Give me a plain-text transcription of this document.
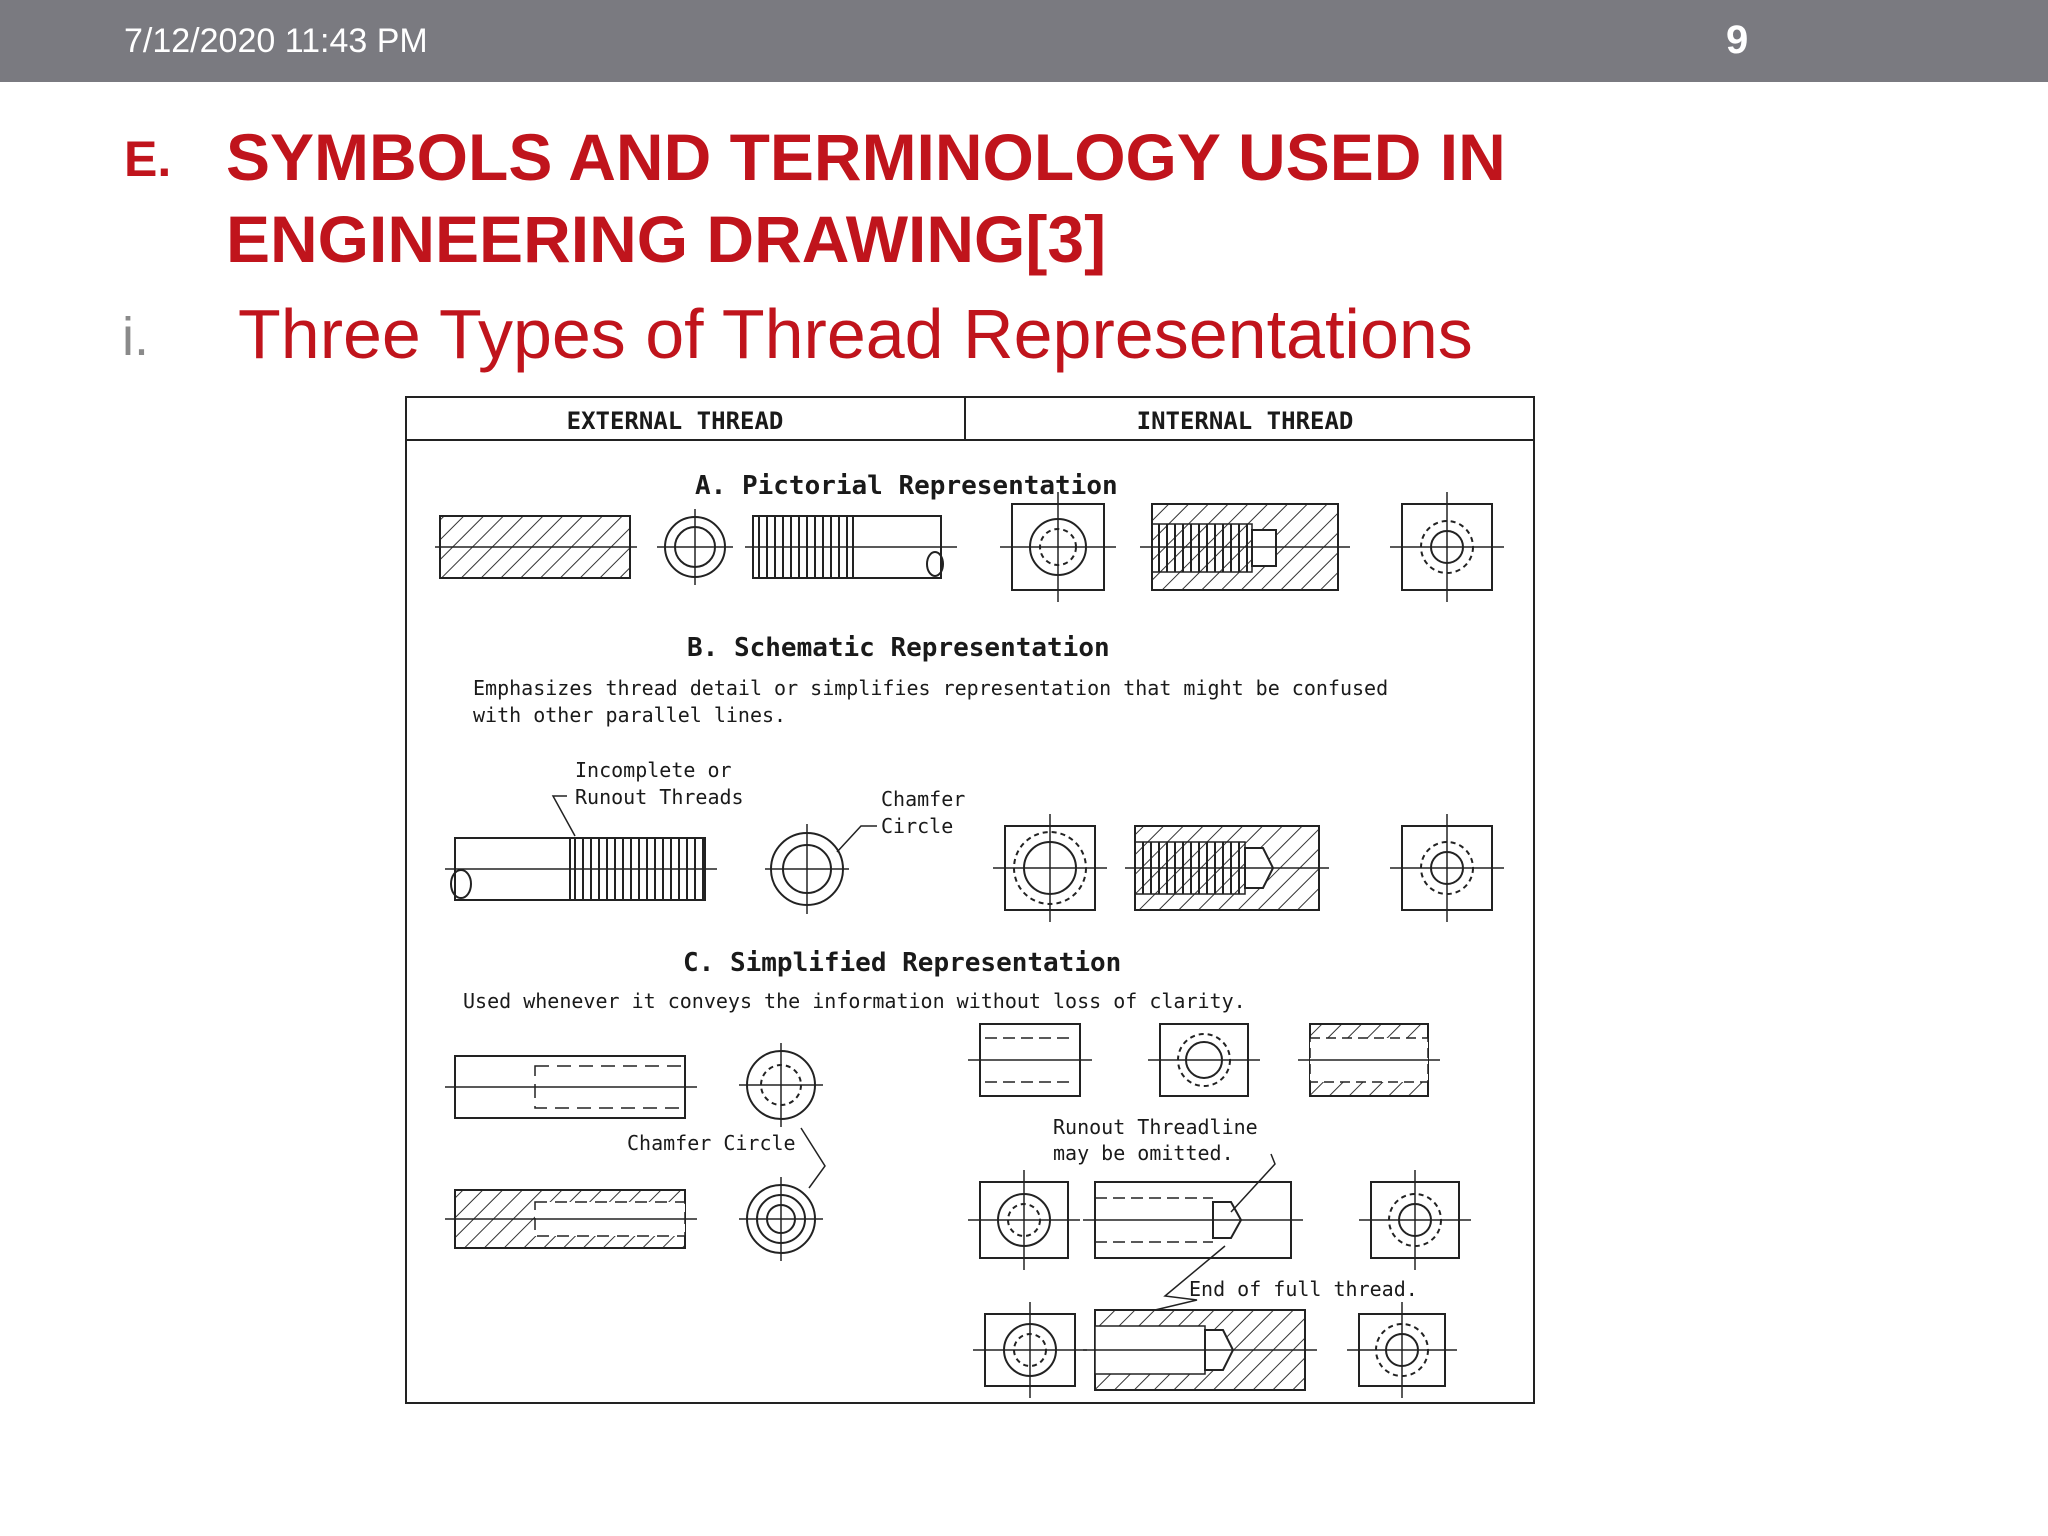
7/12/2020 11:43 PM	9
E. SYMBOLS AND TERMINOLOGY USED IN
ENGINEERING DRAWING[3]
i. Three Types of Thread Representations
EXTERNAL THREAD	INTERNAL THREAD
A. Pictorial Representation
B. Schematic Representation
Emphasizes thread detail or simplifies representation that might be confused
with other parallel lines.
Incomplete or
Runout Threads	Chamfer
Circle
C. Simplified Representation
Used whenever it conveys the information without loss of clarity.
Chamfer Circle
Runout Threadline
may be omitted.
End of full thread.
